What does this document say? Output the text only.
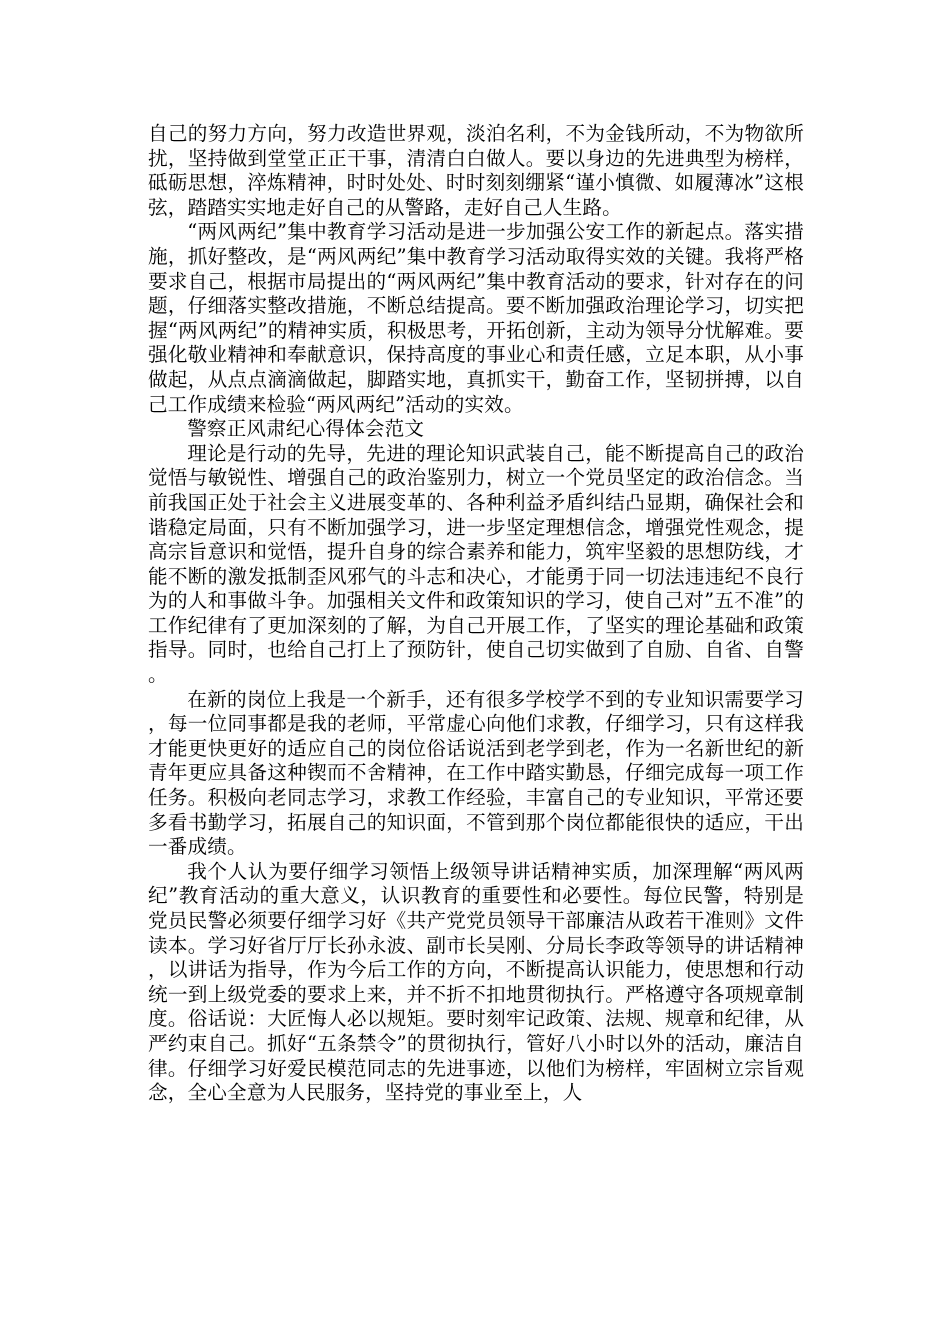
自己的努力方向，努力改造世界观，淡泊名利，不为金钱所动，不为物欲所扰，坚持做到堂堂正正干事，清清白白做人。要以身边的先进典型为榜样，砥砺思想，淬炼精神，时时处处、时时刻刻绷紧“谨小慎微、如履薄冰”这根弦，踏踏实实地走好自己的从警路，走好自己人生路。

“两风两纪”集中教育学习活动是进一步加强公安工作的新起点。落实措施，抓好整改，是“两风两纪”集中教育学习活动取得实效的关键。我将严格要求自己，根据市局提出的“两风两纪”集中教育活动的要求，针对存在的问题，仔细落实整改措施，不断总结提高。要不断加强政治理论学习，切实把握“两风两纪”的精神实质，积极思考，开拓创新，主动为领导分忧解难。要强化敬业精神和奉献意识，保持高度的事业心和责任感，立足本职，从小事做起，从点点滴滴做起，脚踏实地，真抓实干，勤奋工作，坚韧拼搏，以自己工作成绩来检验“两风两纪”活动的实效。

警察正风肃纪心得体会范文

理论是行动的先导，先进的理论知识武装自己，能不断提高自己的政治觉悟与敏锐性、增强自己的政治鉴别力，树立一个党员坚定的政治信念。当前我国正处于社会主义进展变革的、各种利益矛盾纠结凸显期，确保社会和谐稳定局面，只有不断加强学习，进一步坚定理想信念，增强党性观念，提高宗旨意识和觉悟，提升自身的综合素养和能力，筑牢坚毅的思想防线，才能不断的激发抵制歪风邪气的斗志和决心，才能勇于同一切法违违纪不良行为的人和事做斗争。加强相关文件和政策知识的学习，使自己对”五不准”的工作纪律有了更加深刻的了解，为自己开展工作，了坚实的理论基础和政策指导。同时，也给自己打上了预防针，使自己切实做到了自励、自省、自警。

在新的岗位上我是一个新手，还有很多学校学不到的专业知识需要学习，每一位同事都是我的老师，平常虚心向他们求教，仔细学习，只有这样我才能更快更好的适应自己的岗位俗话说活到老学到老，作为一名新世纪的新青年更应具备这种锲而不舍精神，在工作中踏实勤恳，仔细完成每一项工作任务。积极向老同志学习，求教工作经验，丰富自己的专业知识，平常还要多看书勤学习，拓展自己的知识面，不管到那个岗位都能很快的适应，干出一番成绩。

我个人认为要仔细学习领悟上级领导讲话精神实质，加深理解“两风两纪”教育活动的重大意义，认识教育的重要性和必要性。每位民警，特别是党员民警必须要仔细学习好《共产党党员领导干部廉洁从政若干准则》文件读本。学习好省厅厅长孙永波、副市长吴刚、分局长李政等领导的讲话精神，以讲话为指导，作为今后工作的方向，不断提高认识能力，使思想和行动统一到上级党委的要求上来，并不折不扣地贯彻执行。严格遵守各项规章制度。俗话说：大匠悔人必以规矩。要时刻牢记政策、法规、规章和纪律，从严约束自己。抓好“五条禁令”的贯彻执行，管好八小时以外的活动，廉洁自律。仔细学习好爱民模范同志的先进事迹，以他们为榜样，牢固树立宗旨观念，全心全意为人民服务，坚持党的事业至上，人
